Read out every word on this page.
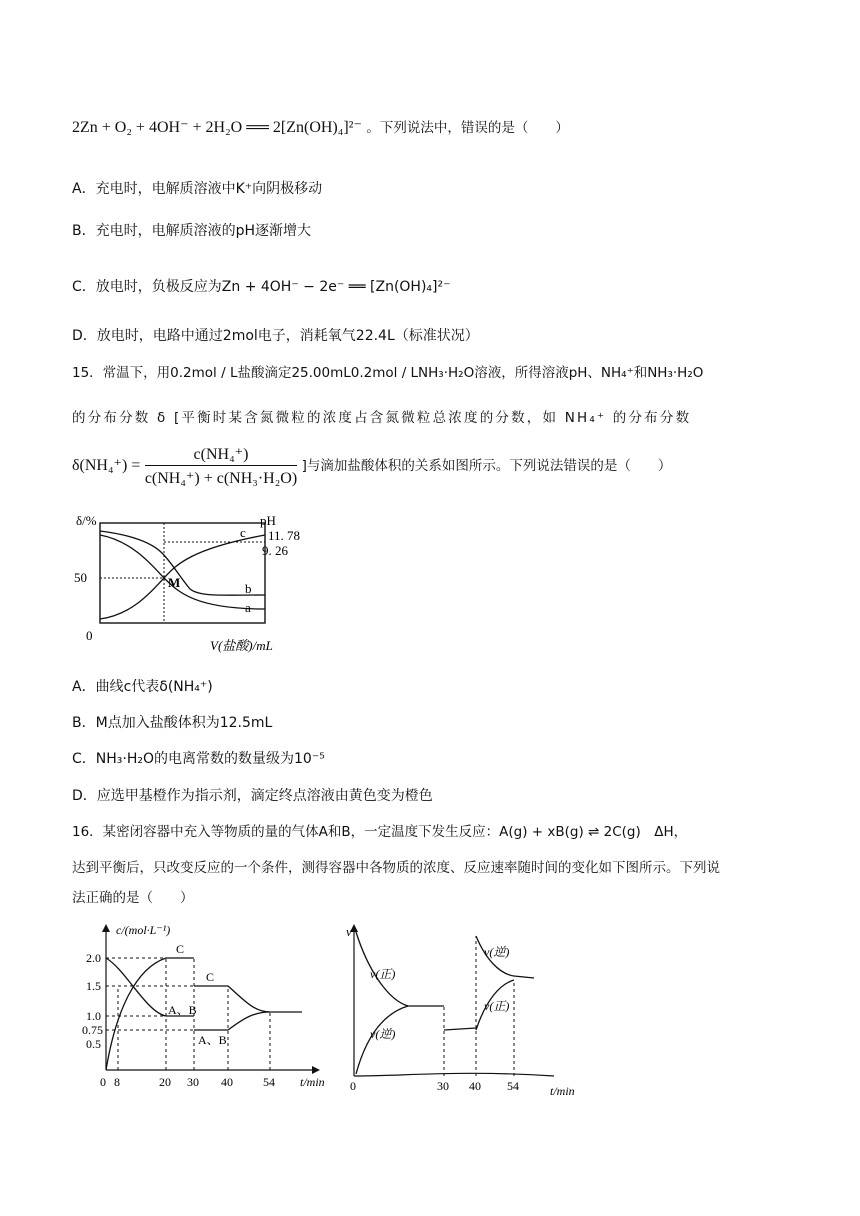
2Zn + O₂ + 4OH⁻ + 2H₂O ══ 2[Zn(OH)₄]²⁻ 。下列说法中，错误的是（　　）
A．充电时，电解质溶液中K⁺向阴极移动
B．充电时，电解质溶液的pH逐渐增大
C．放电时，负极反应为Zn + 4OH⁻ − 2e⁻ ══ [Zn(OH)₄]²⁻
D．放电时，电路中通过2mol电子，消耗氧气22.4L（标准状况）
15．常温下，用0.2mol / L盐酸滴定25.00mL0.2mol / LNH₃·H₂O溶液，所得溶液pH、NH₄⁺和NH₃·H₂O
的分布分数 δ [平衡时某含氮微粒的浓度占含氮微粒总浓度的分数，如 NH₄⁺ 的分布分数
$\delta(NH_4^+) = \frac{\text{c(NH₄⁺)}}{\text{c(NH₄⁺) + c(NH₃·H₂O)}}$ ]与滴加盐酸体积的关系如图所示。下列说法错误的是（　　）
δ/%
50
0
M
c
b
a
pH
11. 78
9. 26
V(盐酸)/mL
A．曲线c代表δ(NH₄⁺)
B．M点加入盐酸体积为12.5mL
C．NH₃·H₂O的电离常数的数量级为10⁻⁵
D．应选甲基橙作为指示剂，滴定终点溶液由黄色变为橙色
16．某密闭容器中充入等物质的量的气体A和B，一定温度下发生反应：A(g) + xB(g) ⇌ 2C(g)　ΔH，
达到平衡后，只改变反应的一个条件，测得容器中各物质的浓度、反应速率随时间的变化如下图所示。下列说
法正确的是（　　）
c/(mol·L⁻¹)
2.0
1.5
1.0
0.75
0.5
0 8	20 30 40	54 t/min
C
A、B
C
A、B
v
v(正)
v(逆)
v(逆)
v(正)
0	30 40 54	t/min
